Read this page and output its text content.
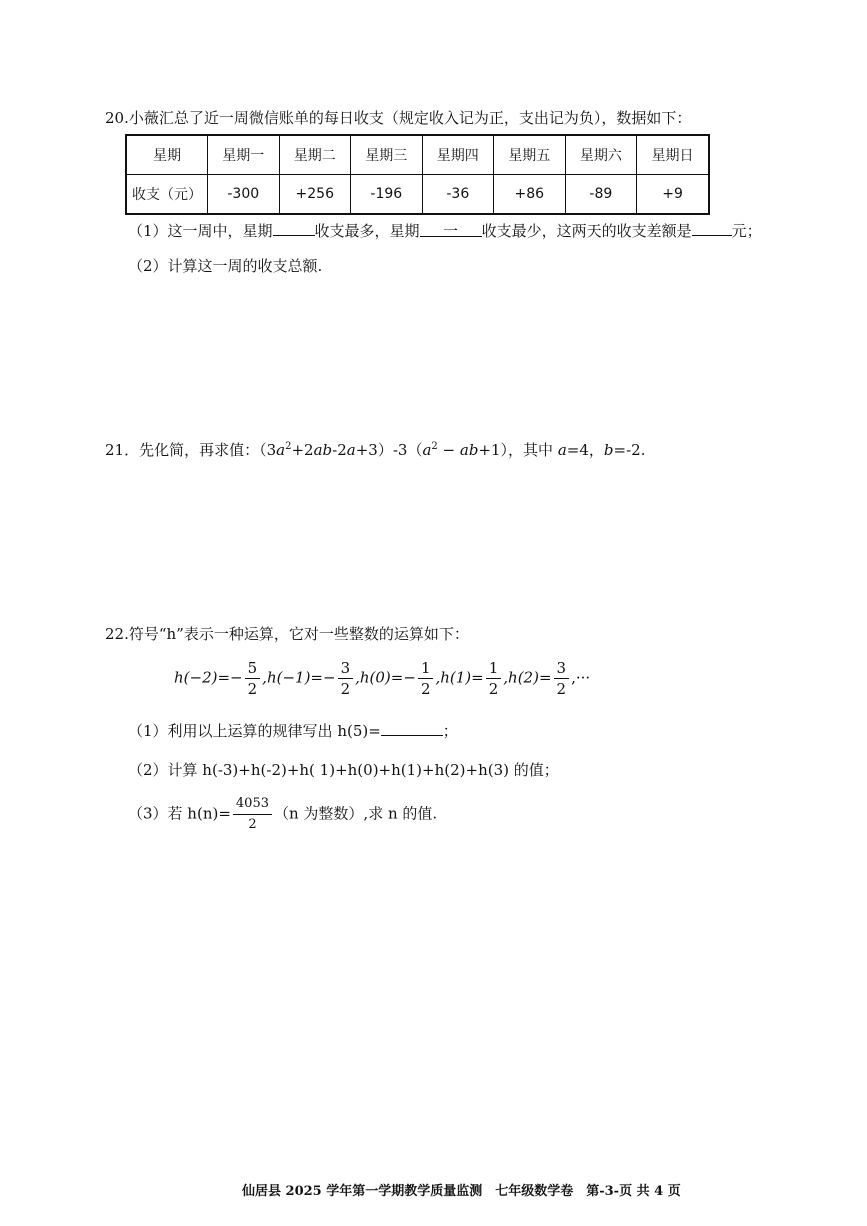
20.小薇汇总了近一周微信账单的每日收支（规定收入记为正，支出记为负），数据如下：
星期	星期一	星期二	星期三	星期四	星期五	星期六	星期日
收支（元）	-300	+256	-196	-36	+86	-89	+9
（1）这一周中，星期	收支最多，星期 一 收支最少，这两天的收支差额是	元；
（2）计算这一周的收支总额.
21．先化简，再求值：$(3a^2+2ab-2a+3)-3(a^2 - ab+1)$，其中 a=4，b=-2.
22.符号“h”表示一种运算，它对一些整数的运算如下：
$h(-2)=- \frac{5}{2} ,h(-1)=- \frac{3}{2} ,h(0)=- \frac{1}{2} ,h(1)= \frac{1}{2} ,h(2)= \frac{3}{2}$ ,···
（1）利用以上运算的规律写出 h(5)=	；
（2）计算 h(-3)+h(-2)+h( 1)+h(0)+h(1)+h(2)+h(3) 的值；
（3）若 $h(n)= \frac{4053}{2} (n$ 为整数）,求 n 的值.
仙居县 2025 学年第一学期教学质量监测　七年级数学卷　第-3-页 共 4 页
